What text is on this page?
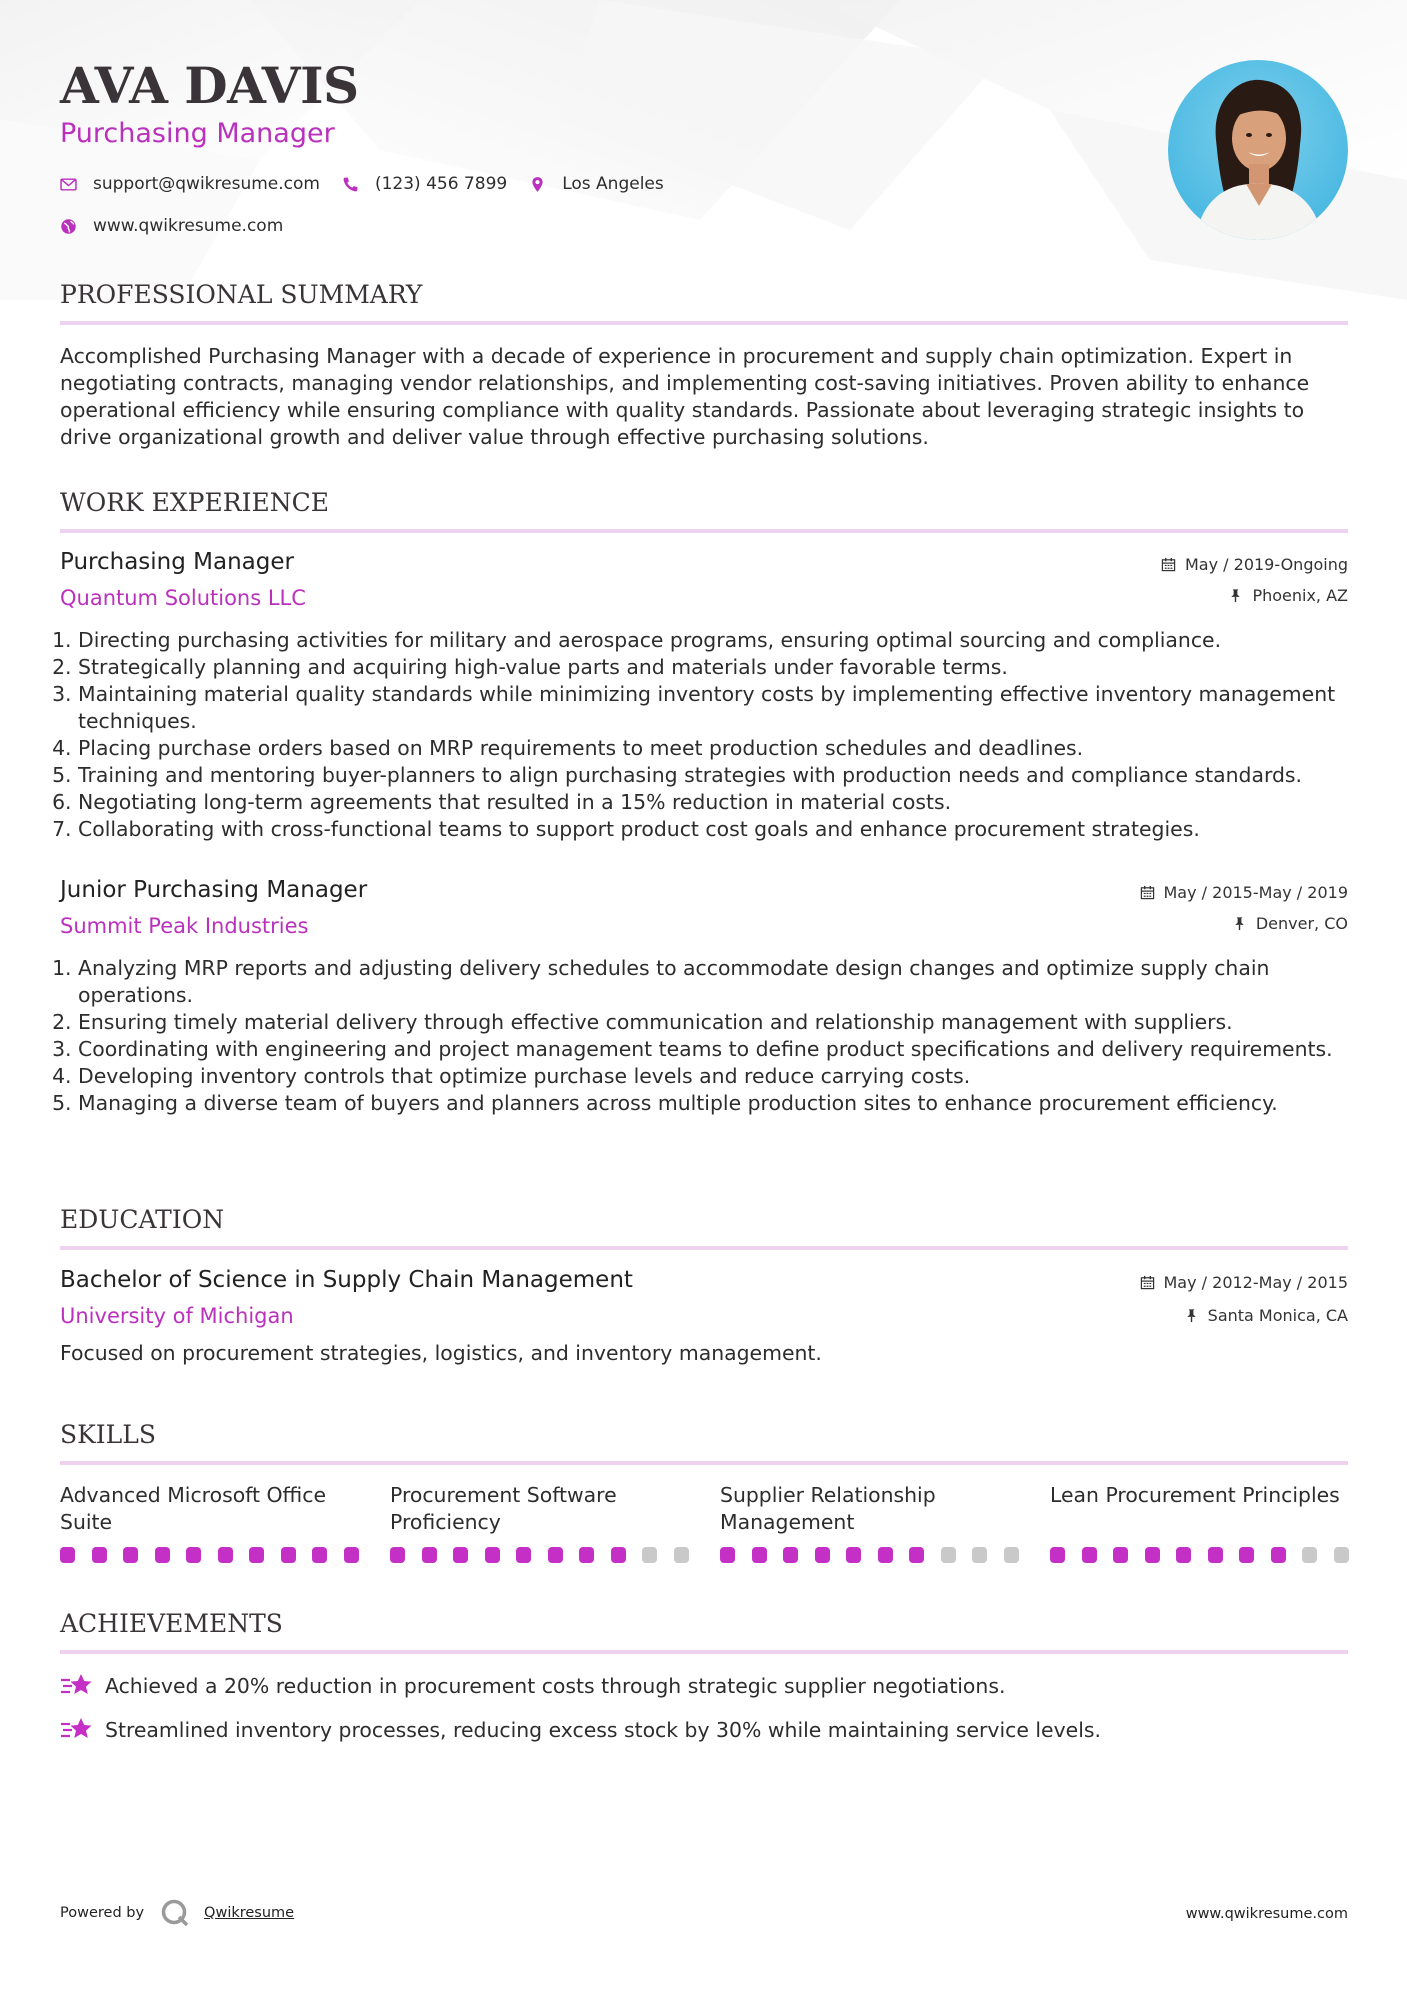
AVA DAVIS
Purchasing Manager
support@qwikresume.com	(123) 456 7899	Los Angeles
www.qwikresume.com
PROFESSIONAL SUMMARY

Accomplished Purchasing Manager with a decade of experience in procurement and supply chain optimization. Expert in negotiating contracts, managing vendor relationships, and implementing cost-saving initiatives. Proven ability to enhance operational efficiency while ensuring compliance with quality standards. Passionate about leveraging strategic insights to drive organizational growth and deliver value through effective purchasing solutions.

WORK EXPERIENCE
Purchasing Manager
Quantum Solutions LLC
May / 2019-Ongoing
Phoenix, AZ
1. Directing purchasing activities for military and aerospace programs, ensuring optimal sourcing and compliance.
2. Strategically planning and acquiring high-value parts and materials under favorable terms.
3. Maintaining material quality standards while minimizing inventory costs by implementing effective inventory management techniques.
4. Placing purchase orders based on MRP requirements to meet production schedules and deadlines.
5. Training and mentoring buyer-planners to align purchasing strategies with production needs and compliance standards.
6. Negotiating long-term agreements that resulted in a 15% reduction in material costs.
7. Collaborating with cross-functional teams to support product cost goals and enhance procurement strategies.
Junior Purchasing Manager
Summit Peak Industries
May / 2015-May / 2019
Denver, CO
1. Analyzing MRP reports and adjusting delivery schedules to accommodate design changes and optimize supply chain operations.
2. Ensuring timely material delivery through effective communication and relationship management with suppliers.
3. Coordinating with engineering and project management teams to define product specifications and delivery requirements.
4. Developing inventory controls that optimize purchase levels and reduce carrying costs.
5. Managing a diverse team of buyers and planners across multiple production sites to enhance procurement efficiency.
EDUCATION
Bachelor of Science in Supply Chain Management
University of Michigan
May / 2012-May / 2015
Santa Monica, CA
Focused on procurement strategies, logistics, and inventory management.
SKILLS
Advanced Microsoft Office Suite
Procurement Software Proficiency
Supplier Relationship Management
Lean Procurement Principles
ACHIEVEMENTS
Achieved a 20% reduction in procurement costs through strategic supplier negotiations.
Streamlined inventory processes, reducing excess stock by 30% while maintaining service levels.
Powered by	Qwikresume	www.qwikresume.com
